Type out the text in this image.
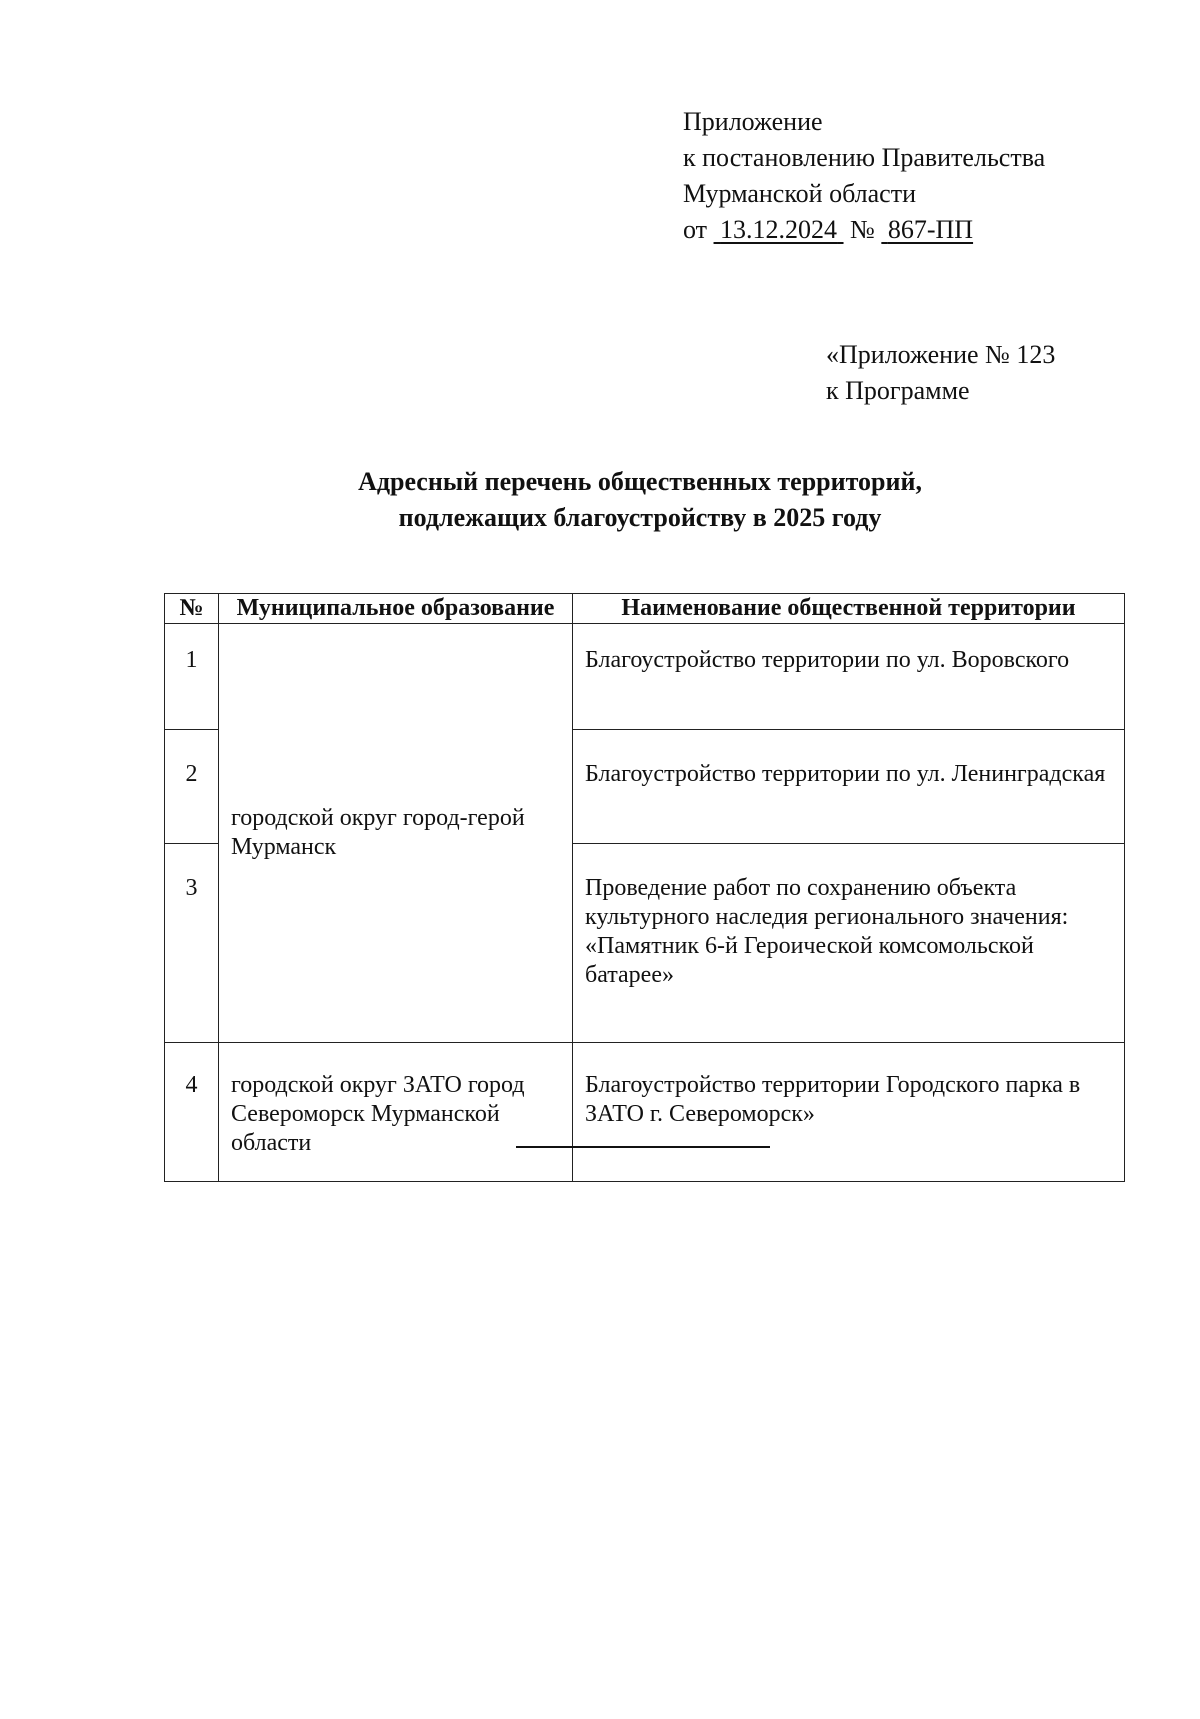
Приложение
к постановлению Правительства
Мурманской области
от 13.12.2024 № 867-ПП
«Приложение № 123
к Программе
Адресный перечень общественных территорий,
подлежащих благоустройству в 2025 году
№	Муниципальное образование	Наименование общественной территории
1	городской округ город-герой Мурманск	Благоустройство территории по ул. Воровского
2		Благоустройство территории по ул. Ленинградская
3		Проведение работ по сохранению объекта культурного наследия регионального значения: «Памятник 6-й Героической комсомольской батарее»
4	городской округ ЗАТО город Североморск Мурманской области	Благоустройство территории Городского парка в ЗАТО г. Североморск»
